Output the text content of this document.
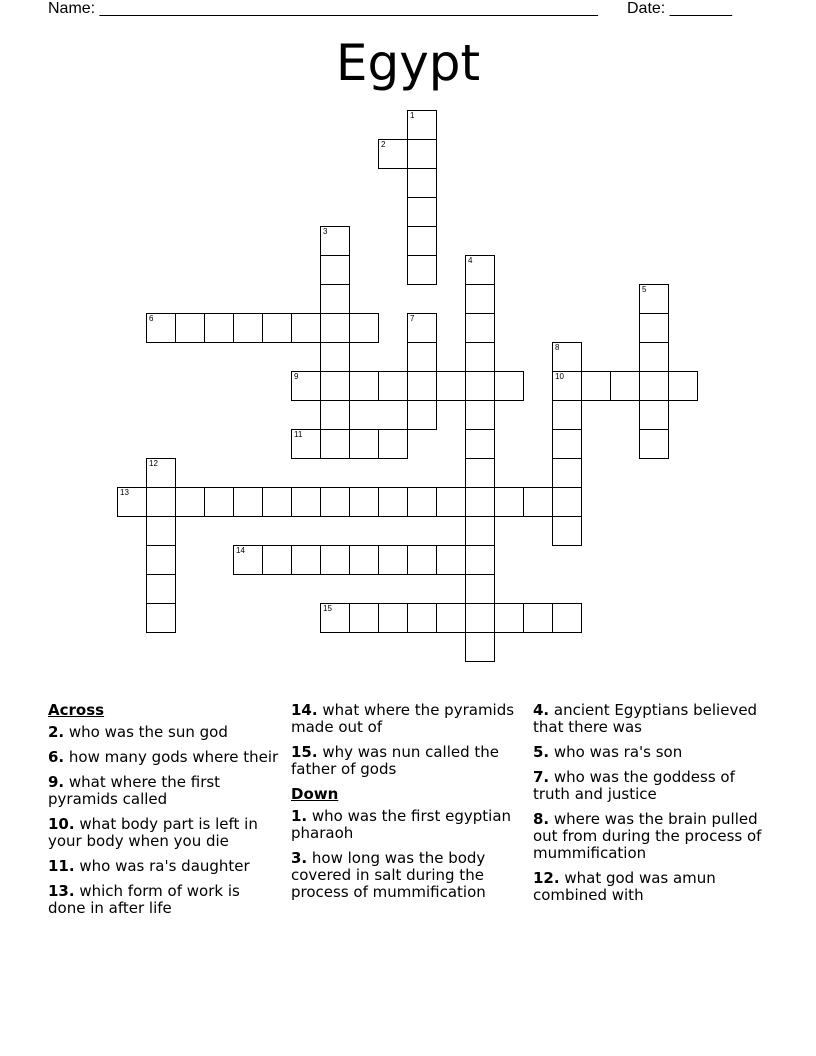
Name: ________________________________________________________ Date: _______
Egypt
1
2
3
4
5
6	7
8
10
9
11
12
13
14
15
Across
2. who was the sun god
6. how many gods where their
9. what where the first pyramids called
10. what body part is left in your body when you die
11. who was ra's daughter
13. which form of work is done in after life
14. what where the pyramids made out of
15. why was nun called the father of gods
Down
1. who was the first egyptian pharaoh
3. how long was the body covered in salt during the process of mummification
4. ancient Egyptians believed that there was
5. who was ra's son
7. who was the goddess of truth and justice
8. where was the brain pulled out from during the process of mummification
12. what god was amun combined with
